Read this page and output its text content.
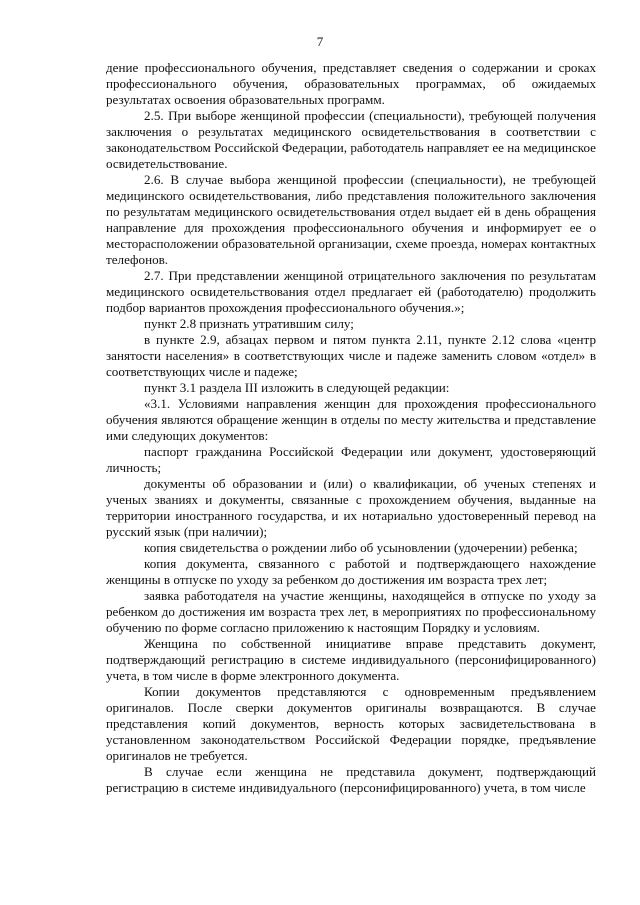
7

дение профессионального обучения, представляет сведения о содержании и сроках профессионального обучения, образовательных программах, об ожидаемых результатах освоения образовательных программ.

2.5. При выборе женщиной профессии (специальности), требующей получения заключения о результатах медицинского освидетельствования в соответствии с законодательством Российской Федерации, работодатель направляет ее на медицинское освидетельствование.

2.6. В случае выбора женщиной профессии (специальности), не требующей медицинского освидетельствования, либо представления положительного заключения по результатам медицинского освидетельствования отдел выдает ей в день обращения направление для прохождения профессионального обучения и информирует ее о месторасположении образовательной организации, схеме проезда, номерах контактных телефонов.

2.7. При представлении женщиной отрицательного заключения по результатам медицинского освидетельствования отдел предлагает ей (работодателю) продолжить подбор вариантов прохождения профессионального обучения.»;

пункт 2.8 признать утратившим силу;

в пункте 2.9, абзацах первом и пятом пункта 2.11, пункте 2.12 слова «центр занятости населения» в соответствующих числе и падеже заменить словом «отдел» в соответствующих числе и падеже;

пункт 3.1 раздела III изложить в следующей редакции:

«3.1. Условиями направления женщин для прохождения профессионального обучения являются обращение женщин в отделы по месту жительства и представление ими следующих документов:

паспорт гражданина Российской Федерации или документ, удостоверяющий личность;

документы об образовании и (или) о квалификации, об ученых степенях и ученых званиях и документы, связанные с прохождением обучения, выданные на территории иностранного государства, и их нотариально удостоверенный перевод на русский язык (при наличии);

копия свидетельства о рождении либо об усыновлении (удочерении) ребенка;

копия документа, связанного с работой и подтверждающего нахождение женщины в отпуске по уходу за ребенком до достижения им возраста трех лет;

заявка работодателя на участие женщины, находящейся в отпуске по уходу за ребенком до достижения им возраста трех лет, в мероприятиях по профессиональному обучению по форме согласно приложению к настоящим Порядку и условиям.

Женщина по собственной инициативе вправе представить документ, подтверждающий регистрацию в системе индивидуального (персонифицированного) учета, в том числе в форме электронного документа.

Копии документов представляются с одновременным предъявлением оригиналов. После сверки документов оригиналы возвращаются. В случае представления копий документов, верность которых засвидетельствована в установленном законодательством Российской Федерации порядке, предъявление оригиналов не требуется.

В случае если женщина не представила документ, подтверждающий регистрацию в системе индивидуального (персонифицированного) учета, в том числе
